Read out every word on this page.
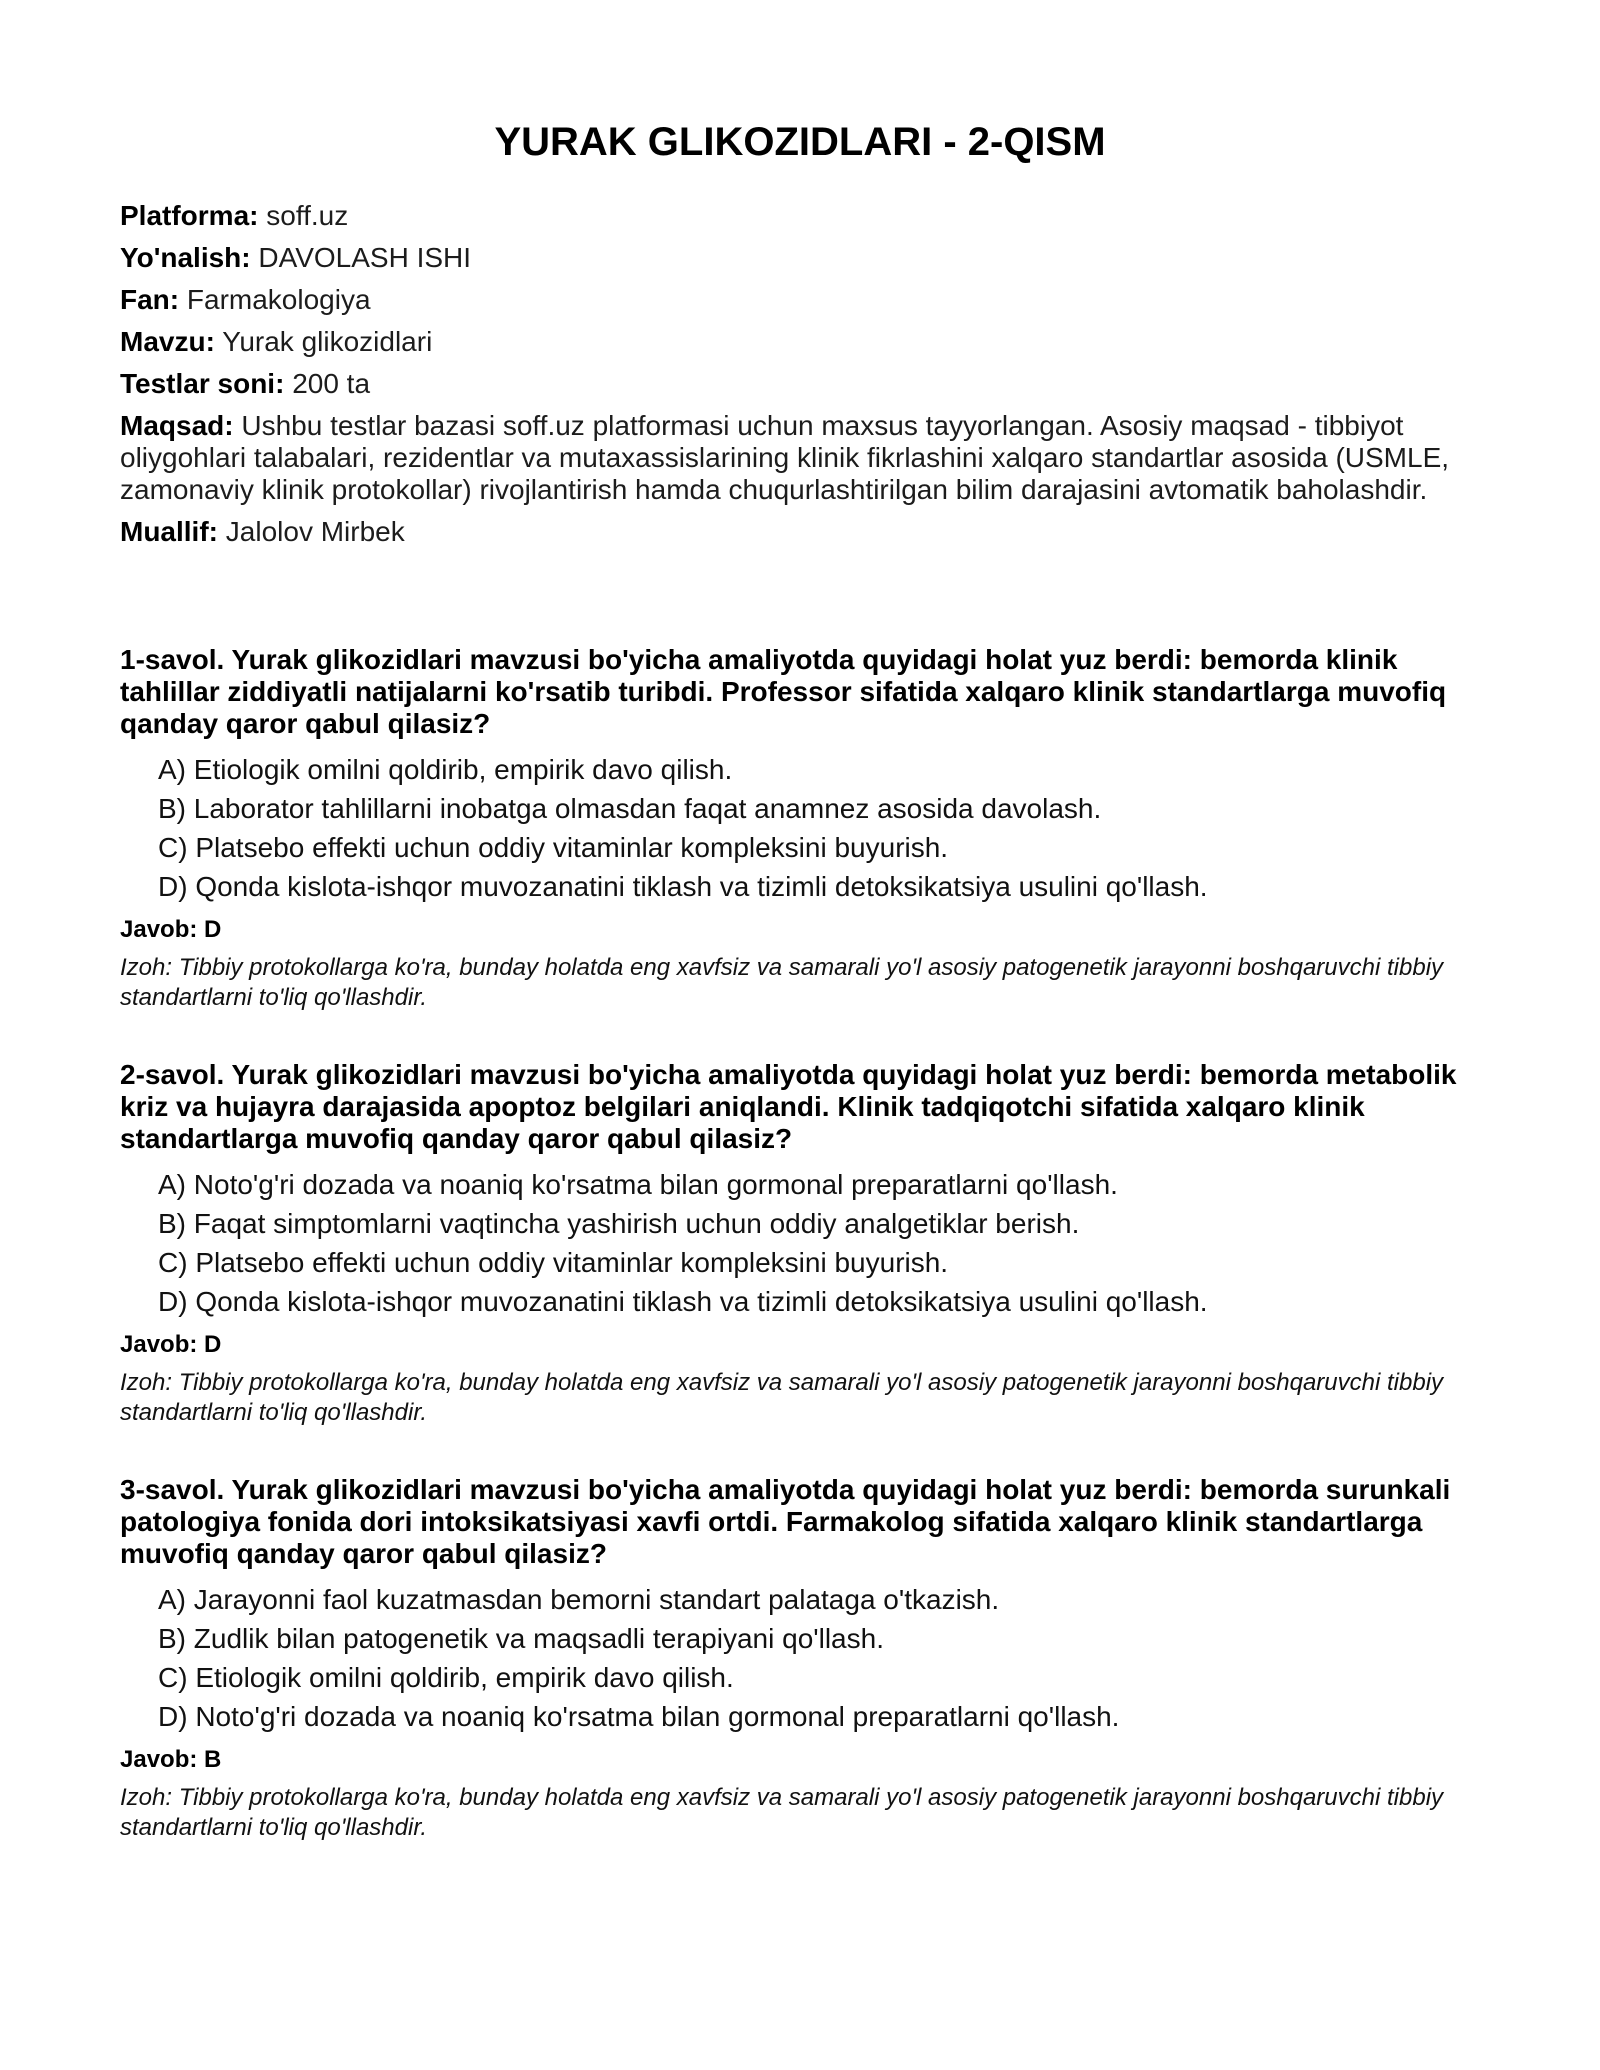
YURAK GLIKOZIDLARI - 2-QISM

Platforma: soff.uz

Yo'nalish: DAVOLASH ISHI

Fan: Farmakologiya

Mavzu: Yurak glikozidlari

Testlar soni: 200 ta

Maqsad: Ushbu testlar bazasi soff.uz platformasi uchun maxsus tayyorlangan. Asosiy maqsad - tibbiyot oliygohlari talabalari, rezidentlar va mutaxassislarining klinik fikrlashini xalqaro standartlar asosida (USMLE, zamonaviy klinik protokollar) rivojlantirish hamda chuqurlashtirilgan bilim darajasini avtomatik baholashdir.

Muallif: Jalolov Mirbek

1-savol. Yurak glikozidlari mavzusi bo'yicha amaliyotda quyidagi holat yuz berdi: bemorda klinik tahlillar ziddiyatli natijalarni ko'rsatib turibdi. Professor sifatida xalqaro klinik standartlarga muvofiq qanday qaror qabul qilasiz?

A) Etiologik omilni qoldirib, empirik davo qilish.
B) Laborator tahlillarni inobatga olmasdan faqat anamnez asosida davolash.
C) Platsebo effekti uchun oddiy vitaminlar kompleksini buyurish.
D) Qonda kislota-ishqor muvozanatini tiklash va tizimli detoksikatsiya usulini qo'llash.

Javob: D

Izoh: Tibbiy protokollarga ko'ra, bunday holatda eng xavfsiz va samarali yo'l asosiy patogenetik jarayonni boshqaruvchi tibbiy standartlarni to'liq qo'llashdir.

2-savol. Yurak glikozidlari mavzusi bo'yicha amaliyotda quyidagi holat yuz berdi: bemorda metabolik kriz va hujayra darajasida apoptoz belgilari aniqlandi. Klinik tadqiqotchi sifatida xalqaro klinik standartlarga muvofiq qanday qaror qabul qilasiz?

A) Noto'g'ri dozada va noaniq ko'rsatma bilan gormonal preparatlarni qo'llash.
B) Faqat simptomlarni vaqtincha yashirish uchun oddiy analgetiklar berish.
C) Platsebo effekti uchun oddiy vitaminlar kompleksini buyurish.
D) Qonda kislota-ishqor muvozanatini tiklash va tizimli detoksikatsiya usulini qo'llash.

Javob: D

Izoh: Tibbiy protokollarga ko'ra, bunday holatda eng xavfsiz va samarali yo'l asosiy patogenetik jarayonni boshqaruvchi tibbiy standartlarni to'liq qo'llashdir.

3-savol. Yurak glikozidlari mavzusi bo'yicha amaliyotda quyidagi holat yuz berdi: bemorda surunkali patologiya fonida dori intoksikatsiyasi xavfi ortdi. Farmakolog sifatida xalqaro klinik standartlarga muvofiq qanday qaror qabul qilasiz?

A) Jarayonni faol kuzatmasdan bemorni standart palataga o'tkazish.
B) Zudlik bilan patogenetik va maqsadli terapiyani qo'llash.
C) Etiologik omilni qoldirib, empirik davo qilish.
D) Noto'g'ri dozada va noaniq ko'rsatma bilan gormonal preparatlarni qo'llash.

Javob: B

Izoh: Tibbiy protokollarga ko'ra, bunday holatda eng xavfsiz va samarali yo'l asosiy patogenetik jarayonni boshqaruvchi tibbiy standartlarni to'liq qo'llashdir.
